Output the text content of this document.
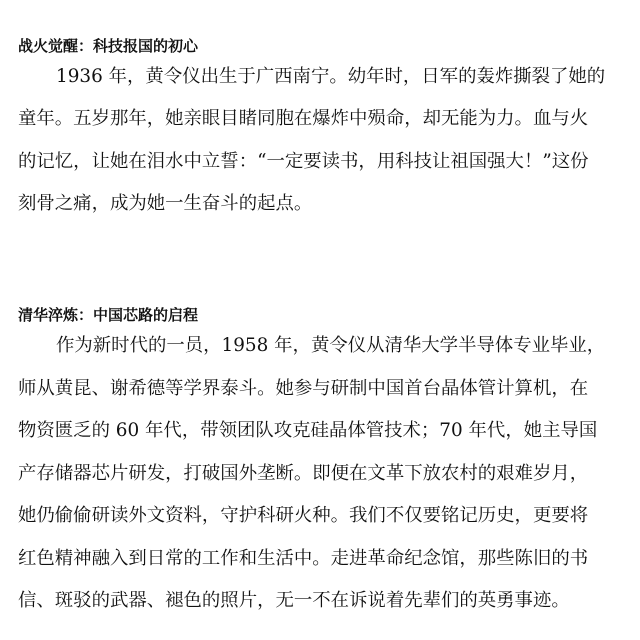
战火觉醒：科技报国的初心
1936 年，黄令仪出生于广西南宁。幼年时，日军的轰炸撕裂了她的
童年。五岁那年，她亲眼目睹同胞在爆炸中殒命，却无能为力。血与火
的记忆，让她在泪水中立誓：“一定要读书，用科技让祖国强大！”这份
刻骨之痛，成为她一生奋斗的起点。
清华淬炼：中国芯路的启程
作为新时代的一员，1958 年，黄令仪从清华大学半导体专业毕业，
师从黄昆、谢希德等学界泰斗。她参与研制中国首台晶体管计算机，在
物资匮乏的 60 年代，带领团队攻克硅晶体管技术；70 年代，她主导国
产存储器芯片研发，打破国外垄断。即便在文革下放农村的艰难岁月，
她仍偷偷研读外文资料，守护科研火种。我们不仅要铭记历史，更要将
红色精神融入到日常的工作和生活中。走进革命纪念馆，那些陈旧的书
信、斑驳的武器、褪色的照片，无一不在诉说着先辈们的英勇事迹。
